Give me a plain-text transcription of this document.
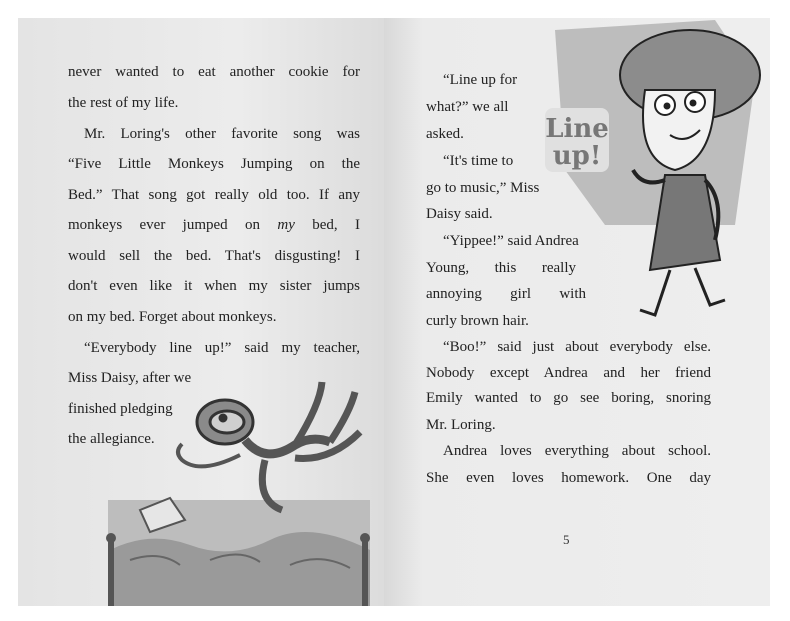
Line
up!
never wanted to eat another cookie for
the rest of my life.
Mr. Loring's other favorite song was
“Five Little Monkeys Jumping on the
Bed.” That song got really old too. If any
monkeys ever jumped on my bed, I
would sell the bed. That's disgusting! I
don't even like it when my sister jumps
on my bed. Forget about monkeys.
“Everybody line up!” said my teacher,
Miss Daisy, after we
finished pledging
the allegiance.
“Line up for
what?” we all
asked.
“It's time to
go to music,” Miss
Daisy said.
“Yippee!” said Andrea
Young, this really
annoying girl with
curly brown hair.
“Boo!” said just about everybody else.
Nobody except Andrea and her friend
Emily wanted to go see boring, snoring
Mr. Loring.
Andrea loves everything about school.
She even loves homework. One day
5
